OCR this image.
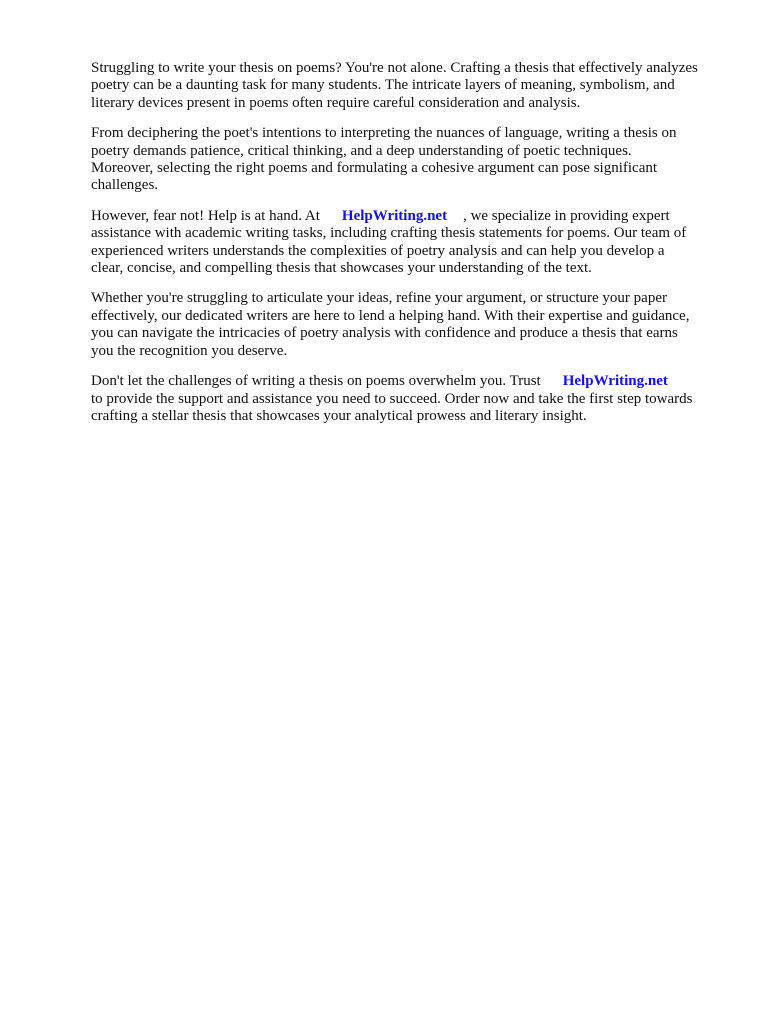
Struggling to write your thesis on poems? You're not alone. Crafting a thesis that effectively analyzes
poetry can be a daunting task for many students. The intricate layers of meaning, symbolism, and
literary devices present in poems often require careful consideration and analysis.

From deciphering the poet's intentions to interpreting the nuances of language, writing a thesis on
poetry demands patience, critical thinking, and a deep understanding of poetic techniques.
Moreover, selecting the right poems and formulating a cohesive argument can pose significant
challenges.

However, fear not! Help is at hand. At HelpWriting.net , we specialize in providing expert
assistance with academic writing tasks, including crafting thesis statements for poems. Our team of
experienced writers understands the complexities of poetry analysis and can help you develop a
clear, concise, and compelling thesis that showcases your understanding of the text.

Whether you're struggling to articulate your ideas, refine your argument, or structure your paper
effectively, our dedicated writers are here to lend a helping hand. With their expertise and guidance,
you can navigate the intricacies of poetry analysis with confidence and produce a thesis that earns
you the recognition you deserve.

Don't let the challenges of writing a thesis on poems overwhelm you. Trust HelpWriting.net
to provide the support and assistance you need to succeed. Order now and take the first step towards
crafting a stellar thesis that showcases your analytical prowess and literary insight.
